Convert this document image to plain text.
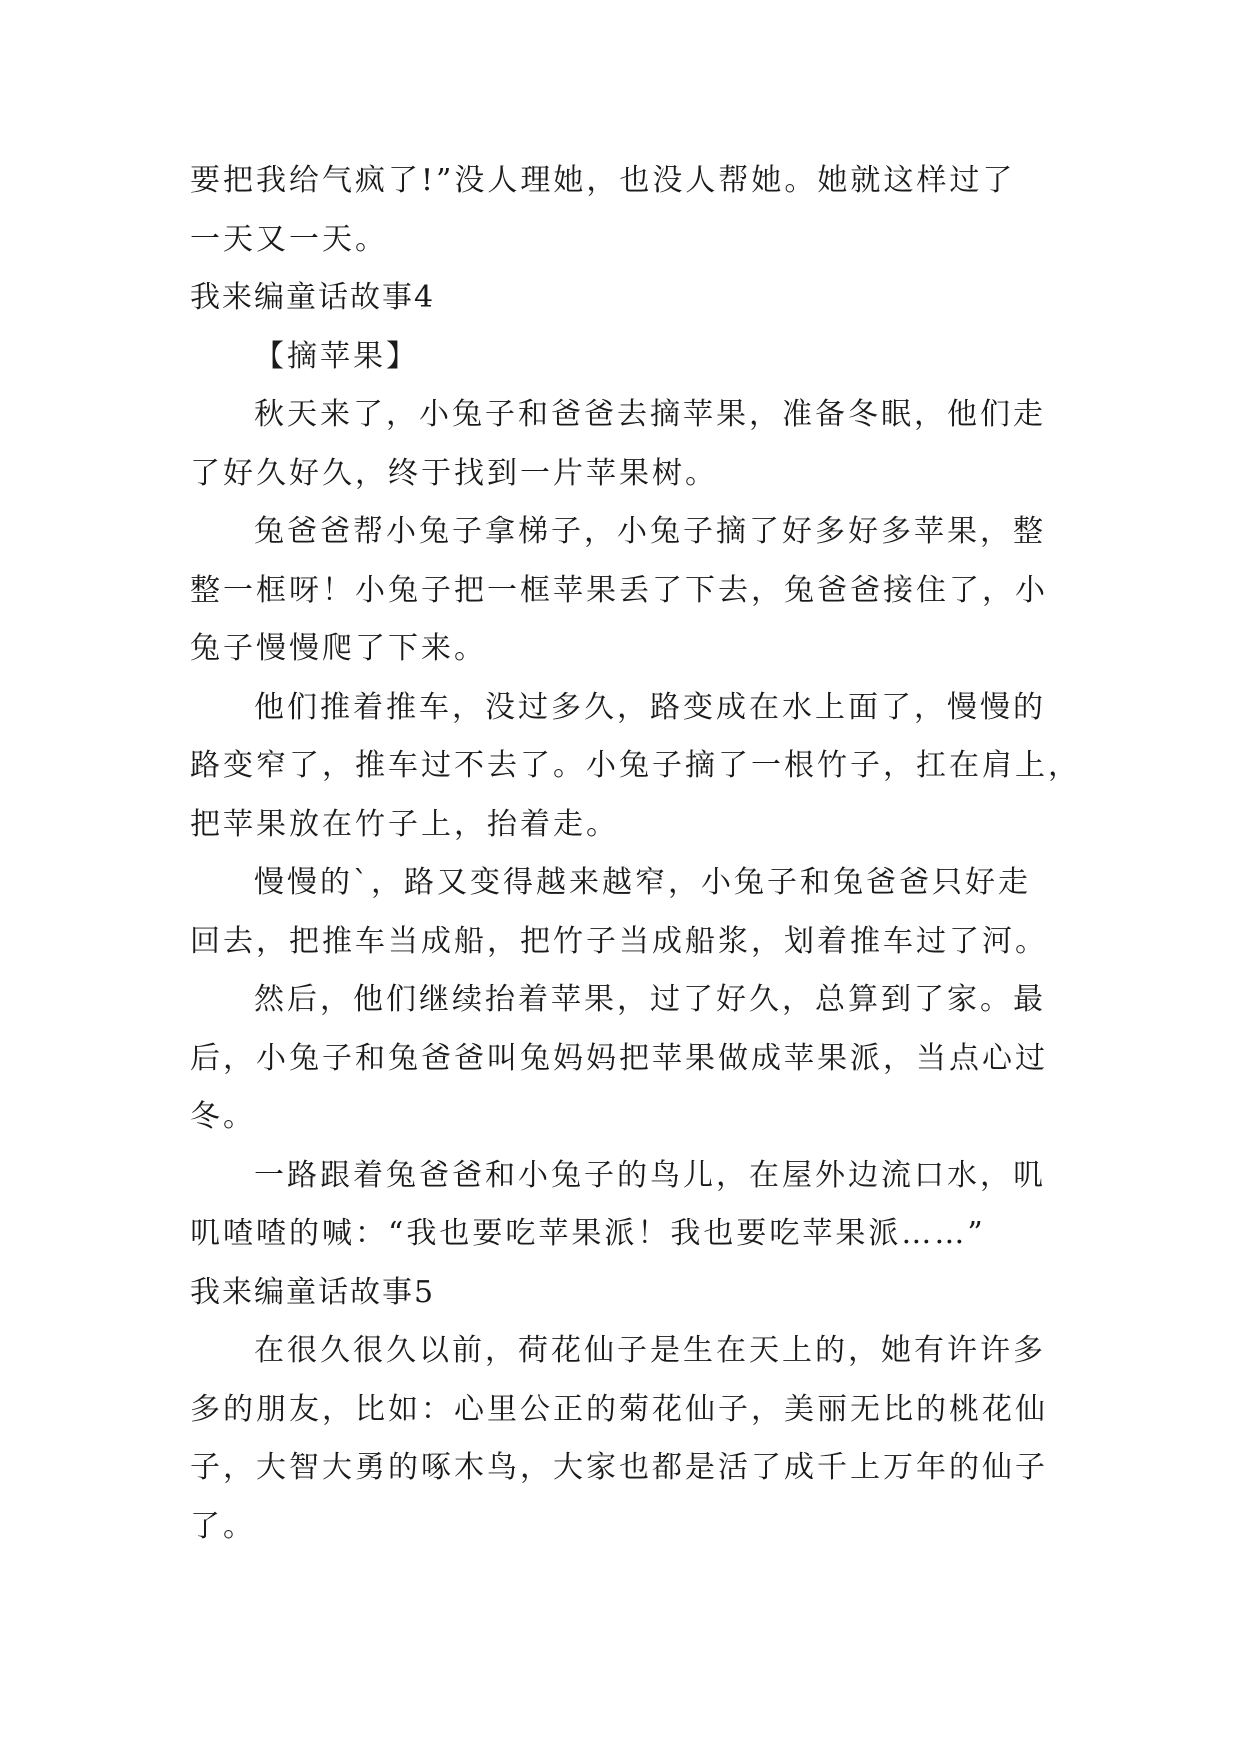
要把我给气疯了!”没人理她，也没人帮她。她就这样过了
一天又一天。
我来编童话故事4
【摘苹果】
秋天来了，小兔子和爸爸去摘苹果，准备冬眠，他们走
了好久好久，终于找到一片苹果树。
兔爸爸帮小兔子拿梯子，小兔子摘了好多好多苹果，整
整一框呀！小兔子把一框苹果丢了下去，兔爸爸接住了，小
兔子慢慢爬了下来。
他们推着推车，没过多久，路变成在水上面了，慢慢的
路变窄了，推车过不去了。小兔子摘了一根竹子，扛在肩上，
把苹果放在竹子上，抬着走。
慢慢的`，路又变得越来越窄，小兔子和兔爸爸只好走
回去，把推车当成船，把竹子当成船浆，划着推车过了河。
然后，他们继续抬着苹果，过了好久，总算到了家。最
后，小兔子和兔爸爸叫兔妈妈把苹果做成苹果派，当点心过
冬。
一路跟着兔爸爸和小兔子的鸟儿，在屋外边流口水，叽
叽喳喳的喊：“我也要吃苹果派！我也要吃苹果派……”
我来编童话故事5
在很久很久以前，荷花仙子是生在天上的，她有许许多
多的朋友，比如：心里公正的菊花仙子，美丽无比的桃花仙
子，大智大勇的啄木鸟，大家也都是活了成千上万年的仙子
了。
